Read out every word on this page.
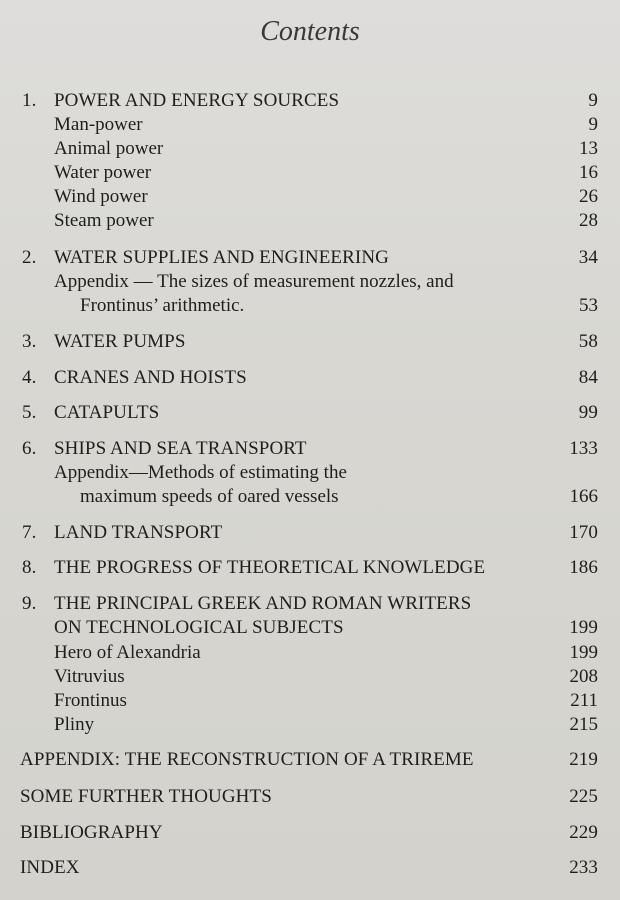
Contents
1. POWER AND ENERGY SOURCES	9
Man-power	9
Animal power	13
Water power	16
Wind power	26
Steam power	28
2. WATER SUPPLIES AND ENGINEERING	34
Appendix — The sizes of measurement nozzles, and
Frontinus’ arithmetic.	53
3. WATER PUMPS	58
4. CRANES AND HOISTS	84
5. CATAPULTS	99
6. SHIPS AND SEA TRANSPORT	133
Appendix—Methods of estimating the
maximum speeds of oared vessels	166
7. LAND TRANSPORT	170
8. THE PROGRESS OF THEORETICAL KNOWLEDGE	186
9. THE PRINCIPAL GREEK AND ROMAN WRITERS
ON TECHNOLOGICAL SUBJECTS	199
Hero of Alexandria	199
Vitruvius	208
Frontinus	211
Pliny	215
APPENDIX: THE RECONSTRUCTION OF A TRIREME	219
SOME FURTHER THOUGHTS	225
BIBLIOGRAPHY	229
INDEX	233
